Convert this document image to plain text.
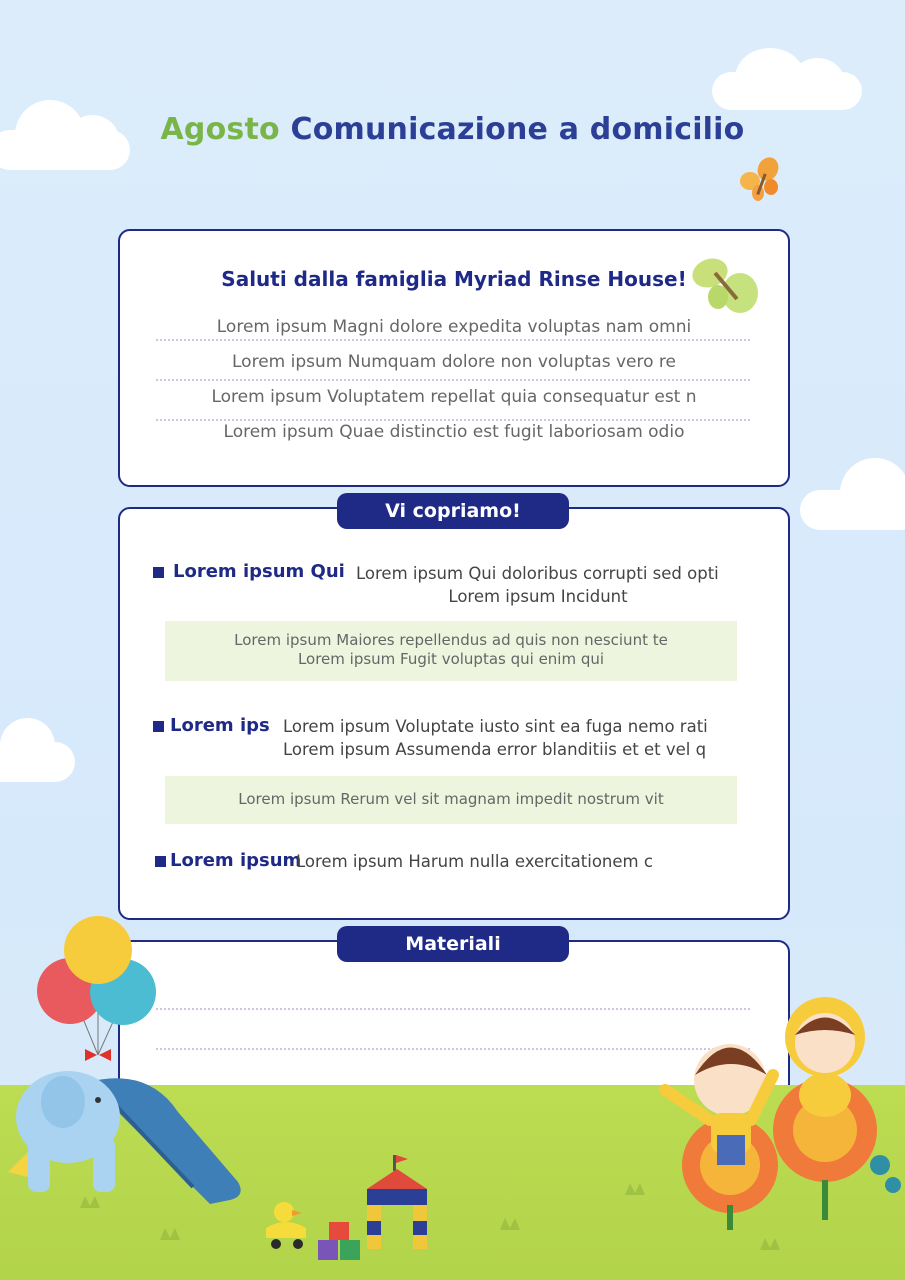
Agosto Comunicazione a domicilio
Saluti dalla famiglia Myriad Rinse House!
Lorem ipsum Magni dolore expedita voluptas nam omni
Lorem ipsum Numquam dolore non voluptas vero re
Lorem ipsum Voluptatem repellat quia consequatur est n
Lorem ipsum Quae distinctio est fugit laboriosam odio
Vi copriamo!
Lorem ipsum Qui Lorem ipsum Qui doloribus corrupti sed opti
Lorem ipsum Incidunt
Lorem ipsum Maiores repellendus ad quis non nesciunt te
Lorem ipsum Fugit voluptas qui enim qui
Lorem ips Lorem ipsum Voluptate iusto sint ea fuga nemo rati
Lorem ipsum Assumenda error blanditiis et et vel q
Lorem ipsum Rerum vel sit magnam impedit nostrum vit
Lorem ipsum
Lorem ipsum Harum nulla exercitationem c
Materiali
